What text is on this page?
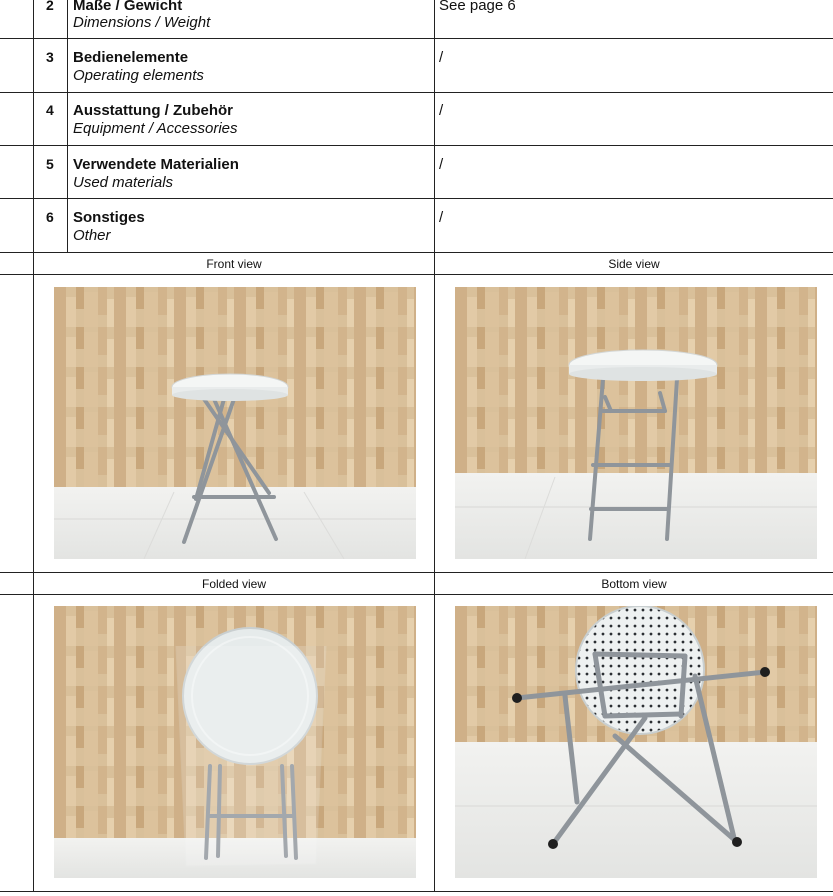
2 Maße / Gewicht
Dimensions / Weight
See page 6
3 Bedienelemente
Operating elements
/
4 Ausstattung / Zubehör
Equipment / Accessories
/
5 Verwendete Materialien
Used materials
/
6 Sonstiges
Other
/
Front view	Side view
Folded view	Bottom view
